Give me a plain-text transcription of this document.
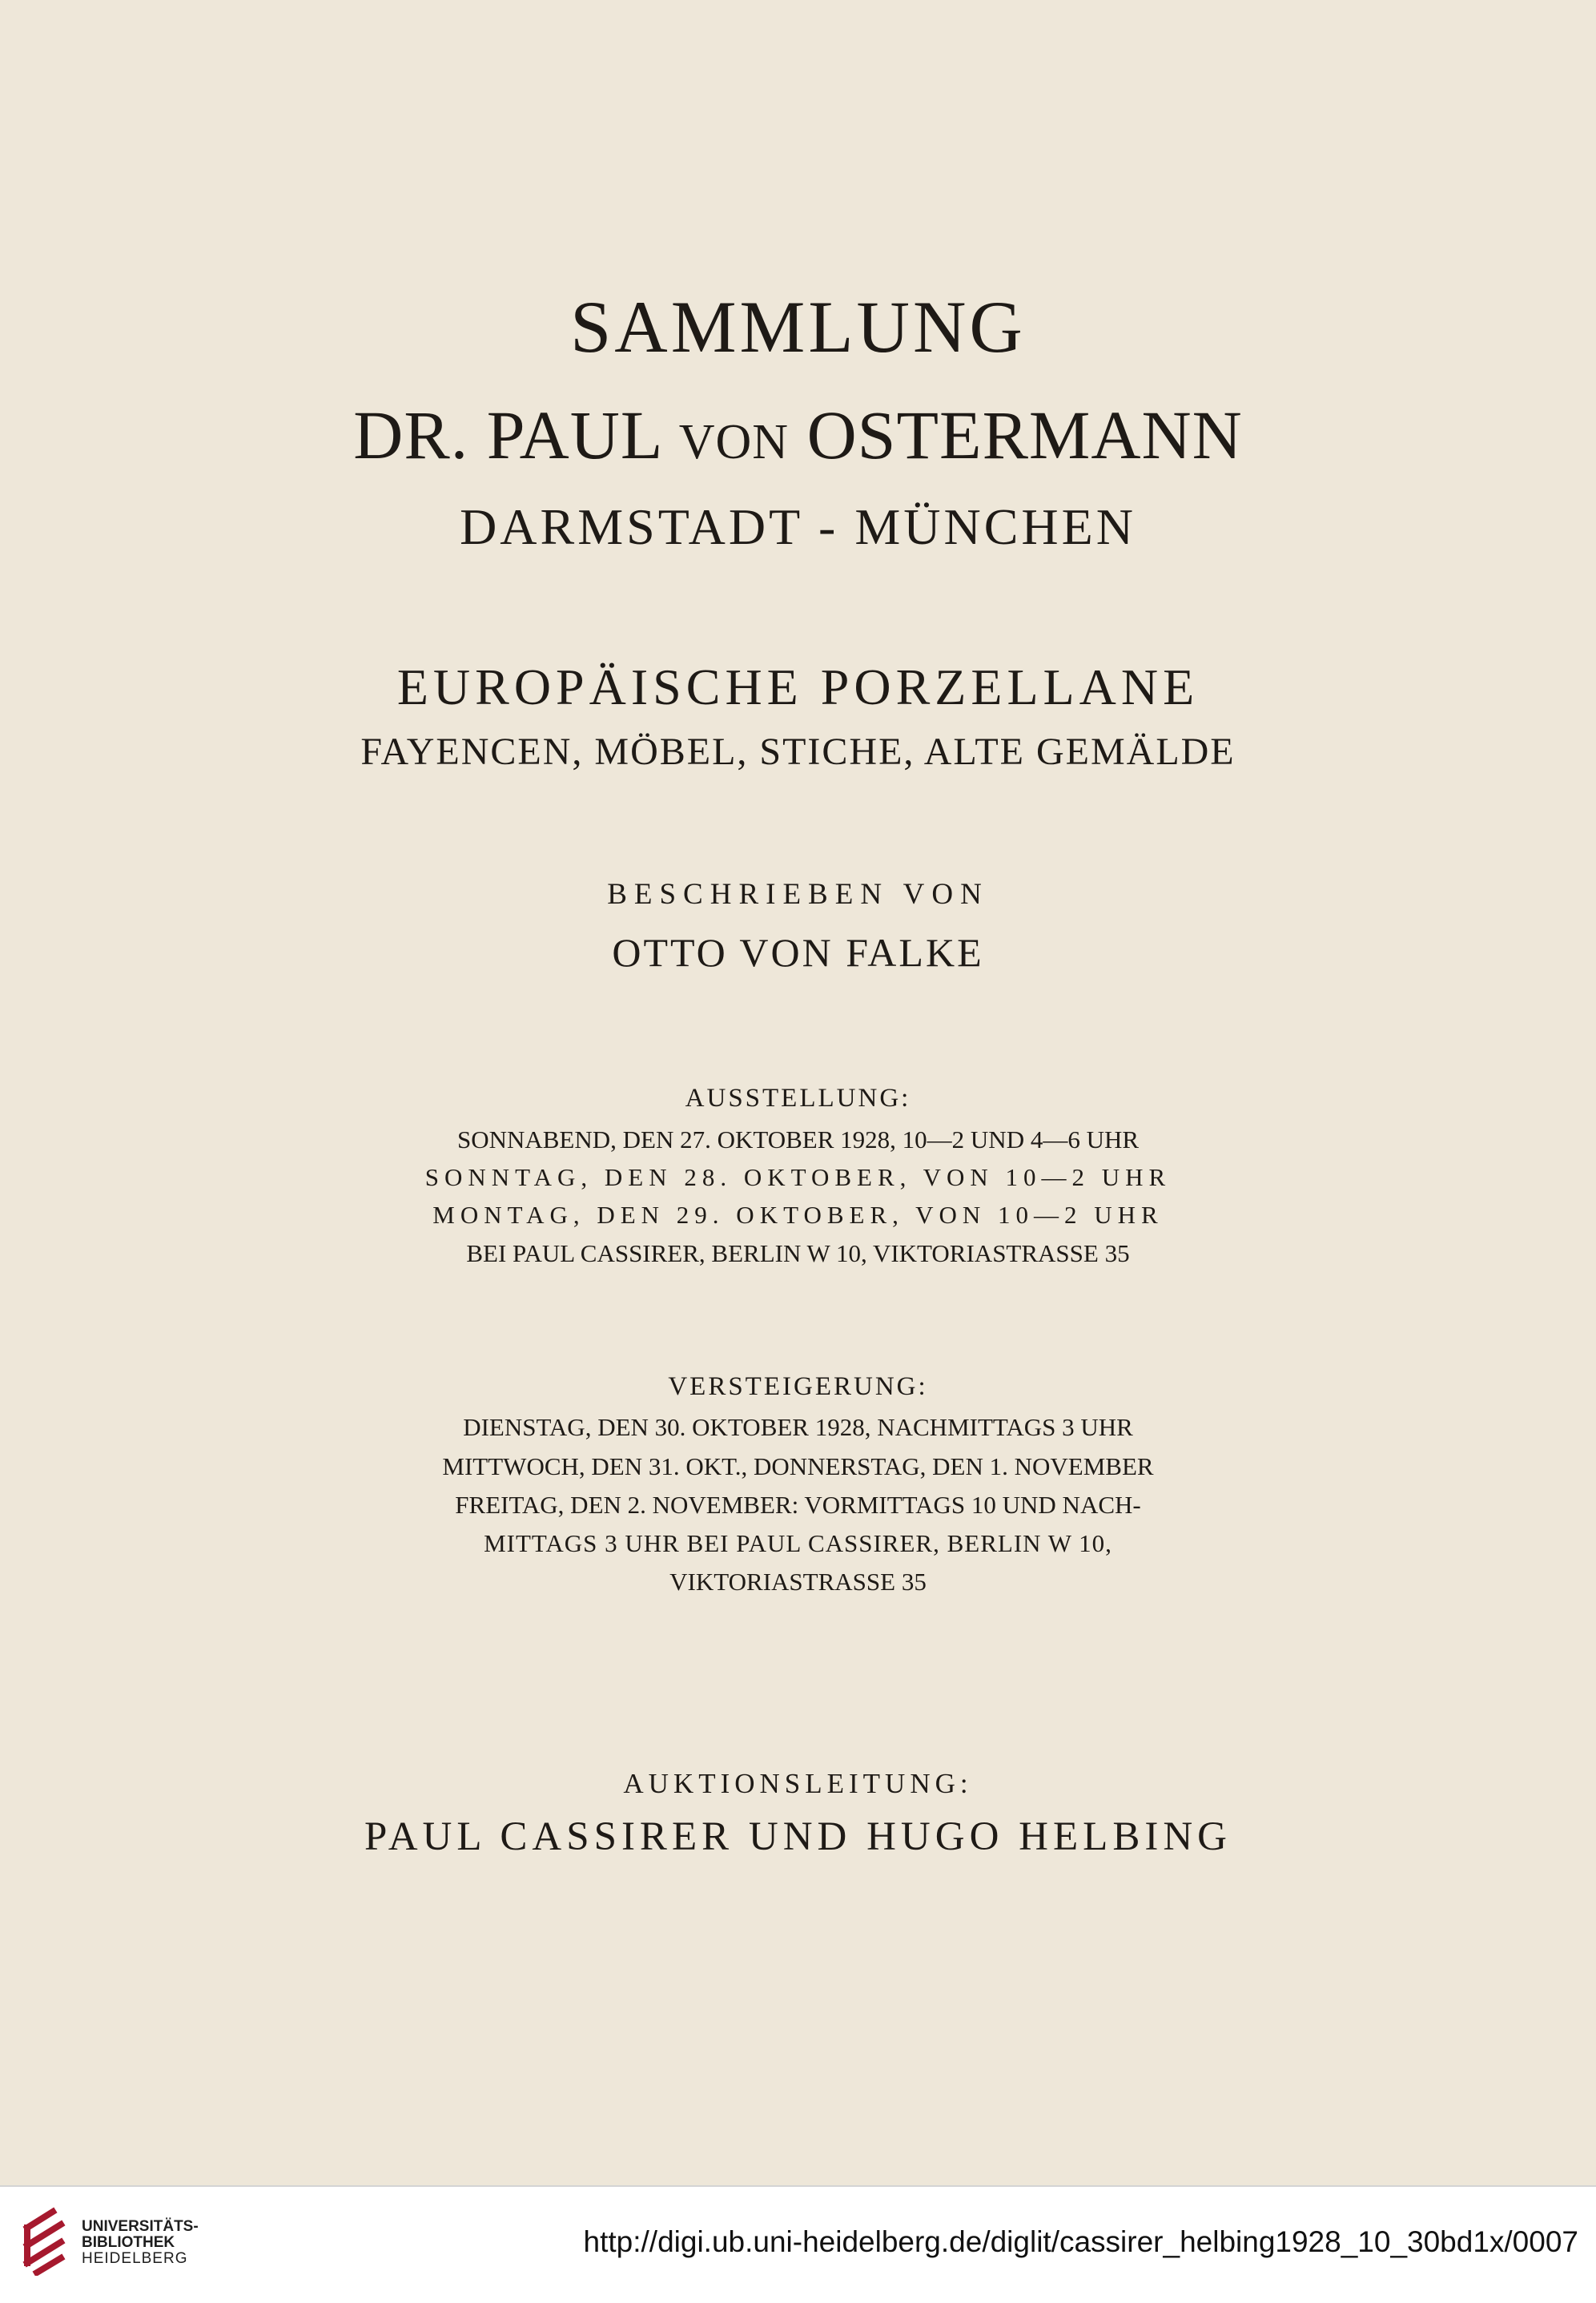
SAMMLUNG
DR. PAUL VON OSTERMANN
DARMSTADT - MÜNCHEN
EUROPÄISCHE PORZELLANE
FAYENCEN, MÖBEL, STICHE, ALTE GEMÄLDE
BESCHRIEBEN VON
OTTO VON FALKE
AUSSTELLUNG:
SONNABEND, DEN 27. OKTOBER 1928, 10—2 UND 4—6 UHR
SONNTAG, DEN 28. OKTOBER, VON 10—2 UHR
MONTAG, DEN 29. OKTOBER, VON 10—2 UHR
BEI PAUL CASSIRER, BERLIN W 10, VIKTORIASTRASSE 35
VERSTEIGERUNG:
DIENSTAG, DEN 30. OKTOBER 1928, NACHMITTAGS 3 UHR
MITTWOCH, DEN 31. OKT., DONNERSTAG, DEN 1. NOVEMBER
FREITAG, DEN 2. NOVEMBER: VORMITTAGS 10 UND NACH-
MITTAGS 3 UHR BEI PAUL CASSIRER, BERLIN W 10,
VIKTORIASTRASSE 35
AUKTIONSLEITUNG:
PAUL CASSIRER UND HUGO HELBING
UNIVERSITÄTS-
BIBLIOTHEK
HEIDELBERG
http://digi.ub.uni-heidelberg.de/diglit/cassirer_helbing1928_10_30bd1x/0007
